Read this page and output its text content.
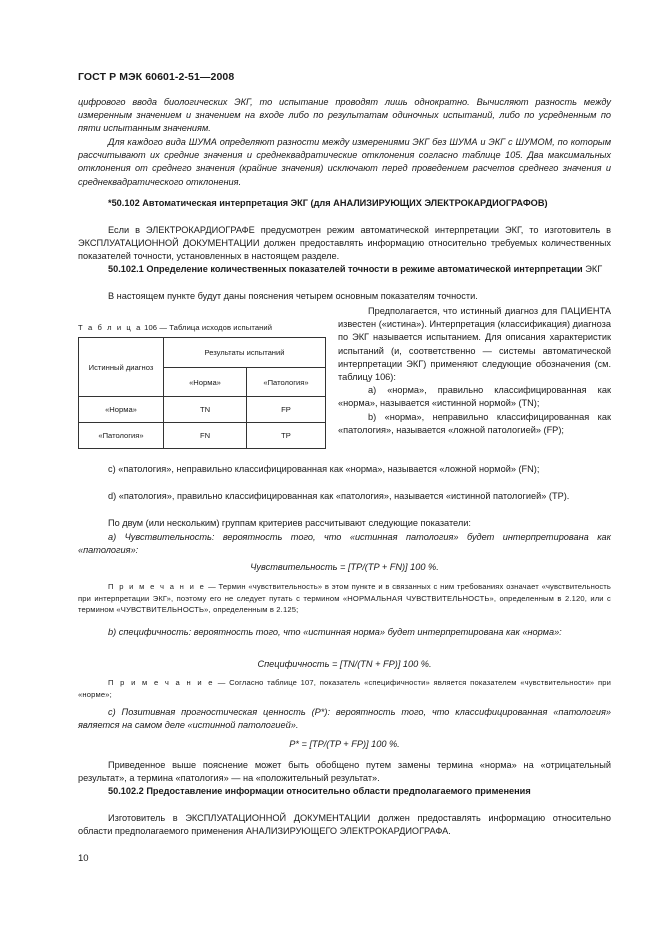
ГОСТ Р МЭК 60601-2-51—2008
цифрового ввода биологических ЭКГ, то испытание проводят лишь однократно. Вычисляют разность между измеренным значением и значением на входе либо по результатам одиночных испытаний, либо по усредненным по пяти испытанным значениям.
Для каждого вида ШУМА определяют разности между измерениями ЭКГ без ШУМА и ЭКГ с ШУМОМ, по которым рассчитывают их средние значения и среднеквадратические отклонения согласно таблице 105. Два максимальных отклонения от среднего значения (крайние значения) исключают перед проведением расчетов среднего значения и среднеквадратического отклонения.
*50.102 Автоматическая интерпретация ЭКГ (для АНАЛИЗИРУЮЩИХ ЭЛЕКТРОКАРДИОГРАФОВ)
Если в ЭЛЕКТРОКАРДИОГРАФЕ предусмотрен режим автоматической интерпретации ЭКГ, то изготовитель в ЭКСПЛУАТАЦИОННОЙ ДОКУМЕНТАЦИИ должен предоставлять информацию относительно требуемых количественных показателей точности, установленных в настоящем разделе.
50.102.1 Определение количественных показателей точности в режиме автоматической интерпретации ЭКГ
В настоящем пункте будут даны пояснения четырем основным показателям точности.
Т а б л и ц а 106 — Таблица исходов испытаний
Истинный диагноз	Результаты испытаний	
	«Норма»	«Патология»
«Норма»	TN	FP
«Патология»	FN	TP

Предполагается, что истинный диагноз для ПАЦИЕНТА известен («истина»). Интерпретация (классификация) диагноза по ЭКГ называется испытанием. Для описания характеристик испытаний (и, соответственно — системы автоматической интерпретации ЭКГ) применяют следующие обозначения (см. таблицу 106):

a) «норма», правильно классифицированная как «норма», называется «истинной нормой» (TN);

b) «норма», неправильно классифицированная как «патология», называется «ложной патологией» (FP);

c) «патология», неправильно классифицированная как «норма», называется «ложной нормой» (FN);
d) «патология», правильно классифицированная как «патология», называется «истинной патологией» (TP).
По двум (или нескольким) группам критериев рассчитывают следующие показатели:
a) Чувствительность: вероятность того, что «истинная патология» будет интерпретирована как «патология»:
Чувствительность = [TP/(TP + FN)] 100 %.
П р и м е ч а н и е — Термин «чувствительность» в этом пункте и в связанных с ним требованиях означает «чувствительность при интерпретации ЭКГ», поэтому его не следует путать с термином «НОРМАЛЬНАЯ ЧУВСТВИТЕЛЬНОСТЬ», определенным в 2.120, или с термином «ЧУВСТВИТЕЛЬНОСТЬ», определенным в 2.125;
b) специфичность: вероятность того, что «истинная норма» будет интерпретирована как «норма»:
Специфичность = [TN/(TN + FP)] 100 %.
П р и м е ч а н и е — Согласно таблице 107, показатель «специфичности» является показателем «чувствительности» при «норме»;
c) Позитивная прогностическая ценность (P*): вероятность того, что классифицированная «патология» является на самом деле «истинной патологией».
P* = [TP/(TP + FP)] 100 %.
Приведенное выше пояснение может быть обобщено путем замены термина «норма» на «отрицательный результат», а термина «патология» — на «положительный результат».
50.102.2 Предоставление информации относительно области предполагаемого применения
Изготовитель в ЭКСПЛУАТАЦИОННОЙ ДОКУМЕНТАЦИИ должен предоставлять информацию относительно области предполагаемого применения АНАЛИЗИРУЮЩЕГО ЭЛЕКТРОКАРДИОГРАФА.
10
